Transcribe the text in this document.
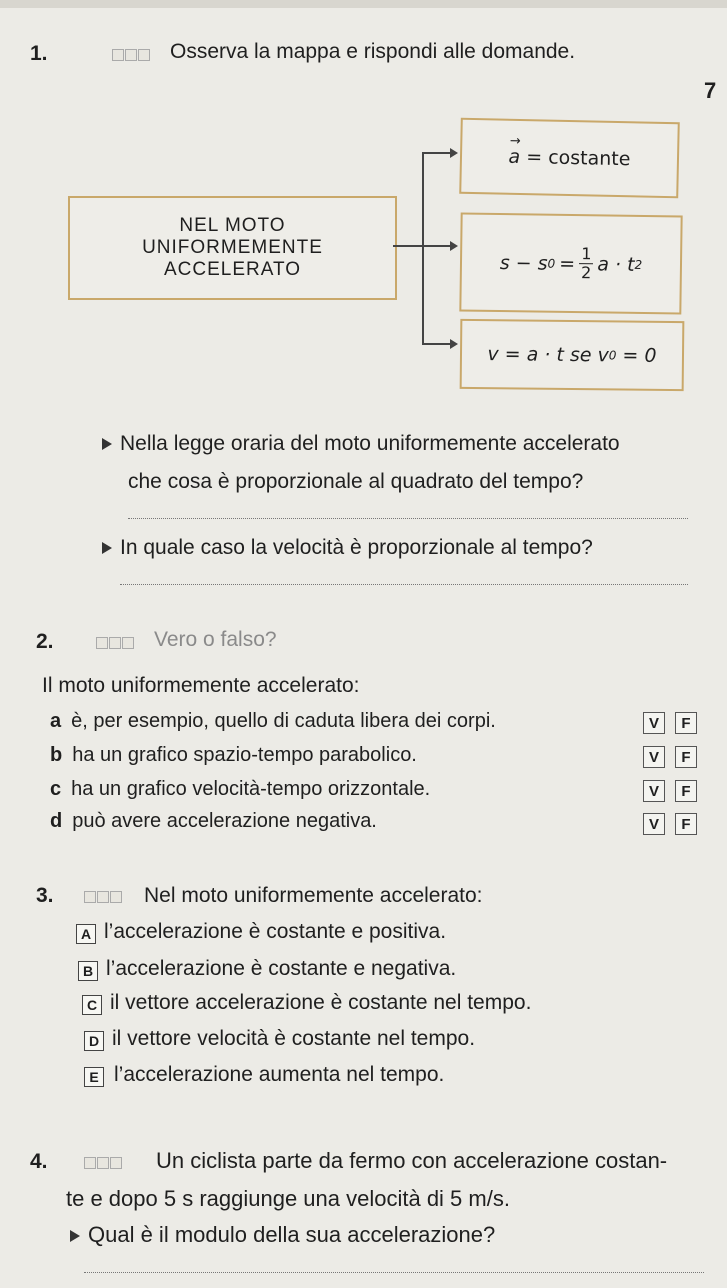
1.	Osserva la mappa e rispondi alle domande.
7
NEL MOTO
UNIFORMEMENTE
ACCELERATO
a
→

= costante
s − s $0 = \frac{1}{2}$ a · t 2
v = a · t se v 0
= 0
Nella legge oraria del moto uniformemente accelerato
che cosa è proporzionale al quadrato del tempo?
In quale caso la velocità è proporzionale al tempo?
2.	Vero o falso?
Il moto uniformemente accelerato:
a è, per esempio, quello di caduta libera dei corpi.	V	F
b ha un grafico spazio-tempo parabolico.	V	F
c ha un grafico velocità-tempo orizzontale.	V	F
d può avere accelerazione negativa.	V	F
3.	Nel moto uniformemente accelerato:
A l’accelerazione è costante e positiva.
B l’accelerazione è costante e negativa.
C il vettore accelerazione è costante nel tempo.
D il vettore velocità è costante nel tempo.
E l’accelerazione aumenta nel tempo.
4.	Un ciclista parte da fermo con accelerazione costan-
te e dopo 5 s raggiunge una velocità di 5 m/s.
Qual è il modulo della sua accelerazione?
